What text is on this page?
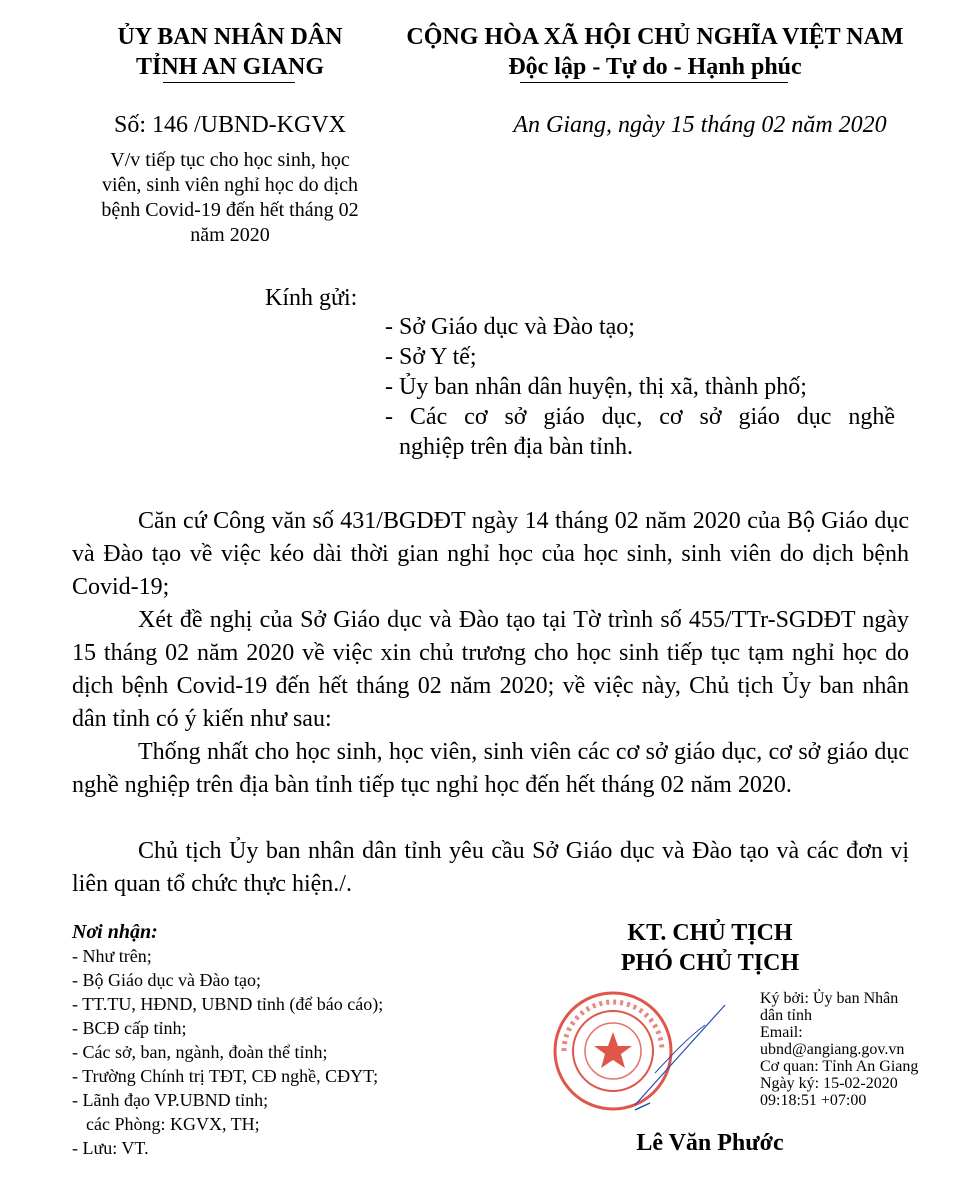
ỦY BAN NHÂN DÂN
TỈNH AN GIANG
CỘNG HÒA XÃ HỘI CHỦ NGHĨA VIỆT NAM
Độc lập - Tự do - Hạnh phúc
Số: 146 /UBND-KGVX	An Giang, ngày 15 tháng 02 năm 2020
V/v tiếp tục cho học sinh, học
viên, sinh viên nghỉ học do dịch
bệnh Covid-19 đến hết tháng 02
năm 2020
Kính gửi:
- Sở Giáo dục và Đào tạo;
- Sở Y tế;
- Ủy ban nhân dân huyện, thị xã, thành phố;
- Các cơ sở giáo dục, cơ sở giáo dục nghề
nghiệp trên địa bàn tỉnh.
Căn cứ Công văn số 431/BGDĐT ngày 14 tháng 02 năm 2020 của Bộ Giáo dục và Đào tạo về việc kéo dài thời gian nghỉ học của học sinh, sinh viên do dịch bệnh Covid-19;
Xét đề nghị của Sở Giáo dục và Đào tạo tại Tờ trình số 455/TTr-SGDĐT ngày 15 tháng 02 năm 2020 về việc xin chủ trương cho học sinh tiếp tục tạm nghỉ học do dịch bệnh Covid-19 đến hết tháng 02 năm 2020; về việc này, Chủ tịch Ủy ban nhân dân tỉnh có ý kiến như sau:
Thống nhất cho học sinh, học viên, sinh viên các cơ sở giáo dục, cơ sở giáo dục nghề nghiệp trên địa bàn tỉnh tiếp tục nghỉ học đến hết tháng 02 năm 2020.
Chủ tịch Ủy ban nhân dân tỉnh yêu cầu Sở Giáo dục và Đào tạo và các đơn vị liên quan tổ chức thực hiện./.
Nơi nhận:
- Như trên;
- Bộ Giáo dục và Đào tạo;
- TT.TU, HĐND, UBND tỉnh (để báo cáo);
- BCĐ cấp tỉnh;
- Các sở, ban, ngành, đoàn thể tỉnh;
- Trường Chính trị TĐT, CĐ nghề, CĐYT;
- Lãnh đạo VP.UBND tỉnh;
các Phòng: KGVX, TH;
- Lưu: VT.
KT. CHỦ TỊCH
PHÓ CHỦ TỊCH
Ký bởi: Ủy ban Nhân
dân tỉnh
Email:
ubnd@angiang.gov.vn
Cơ quan: Tỉnh An Giang
Ngày ký: 15-02-2020
09:18:51 +07:00
Lê Văn Phước
